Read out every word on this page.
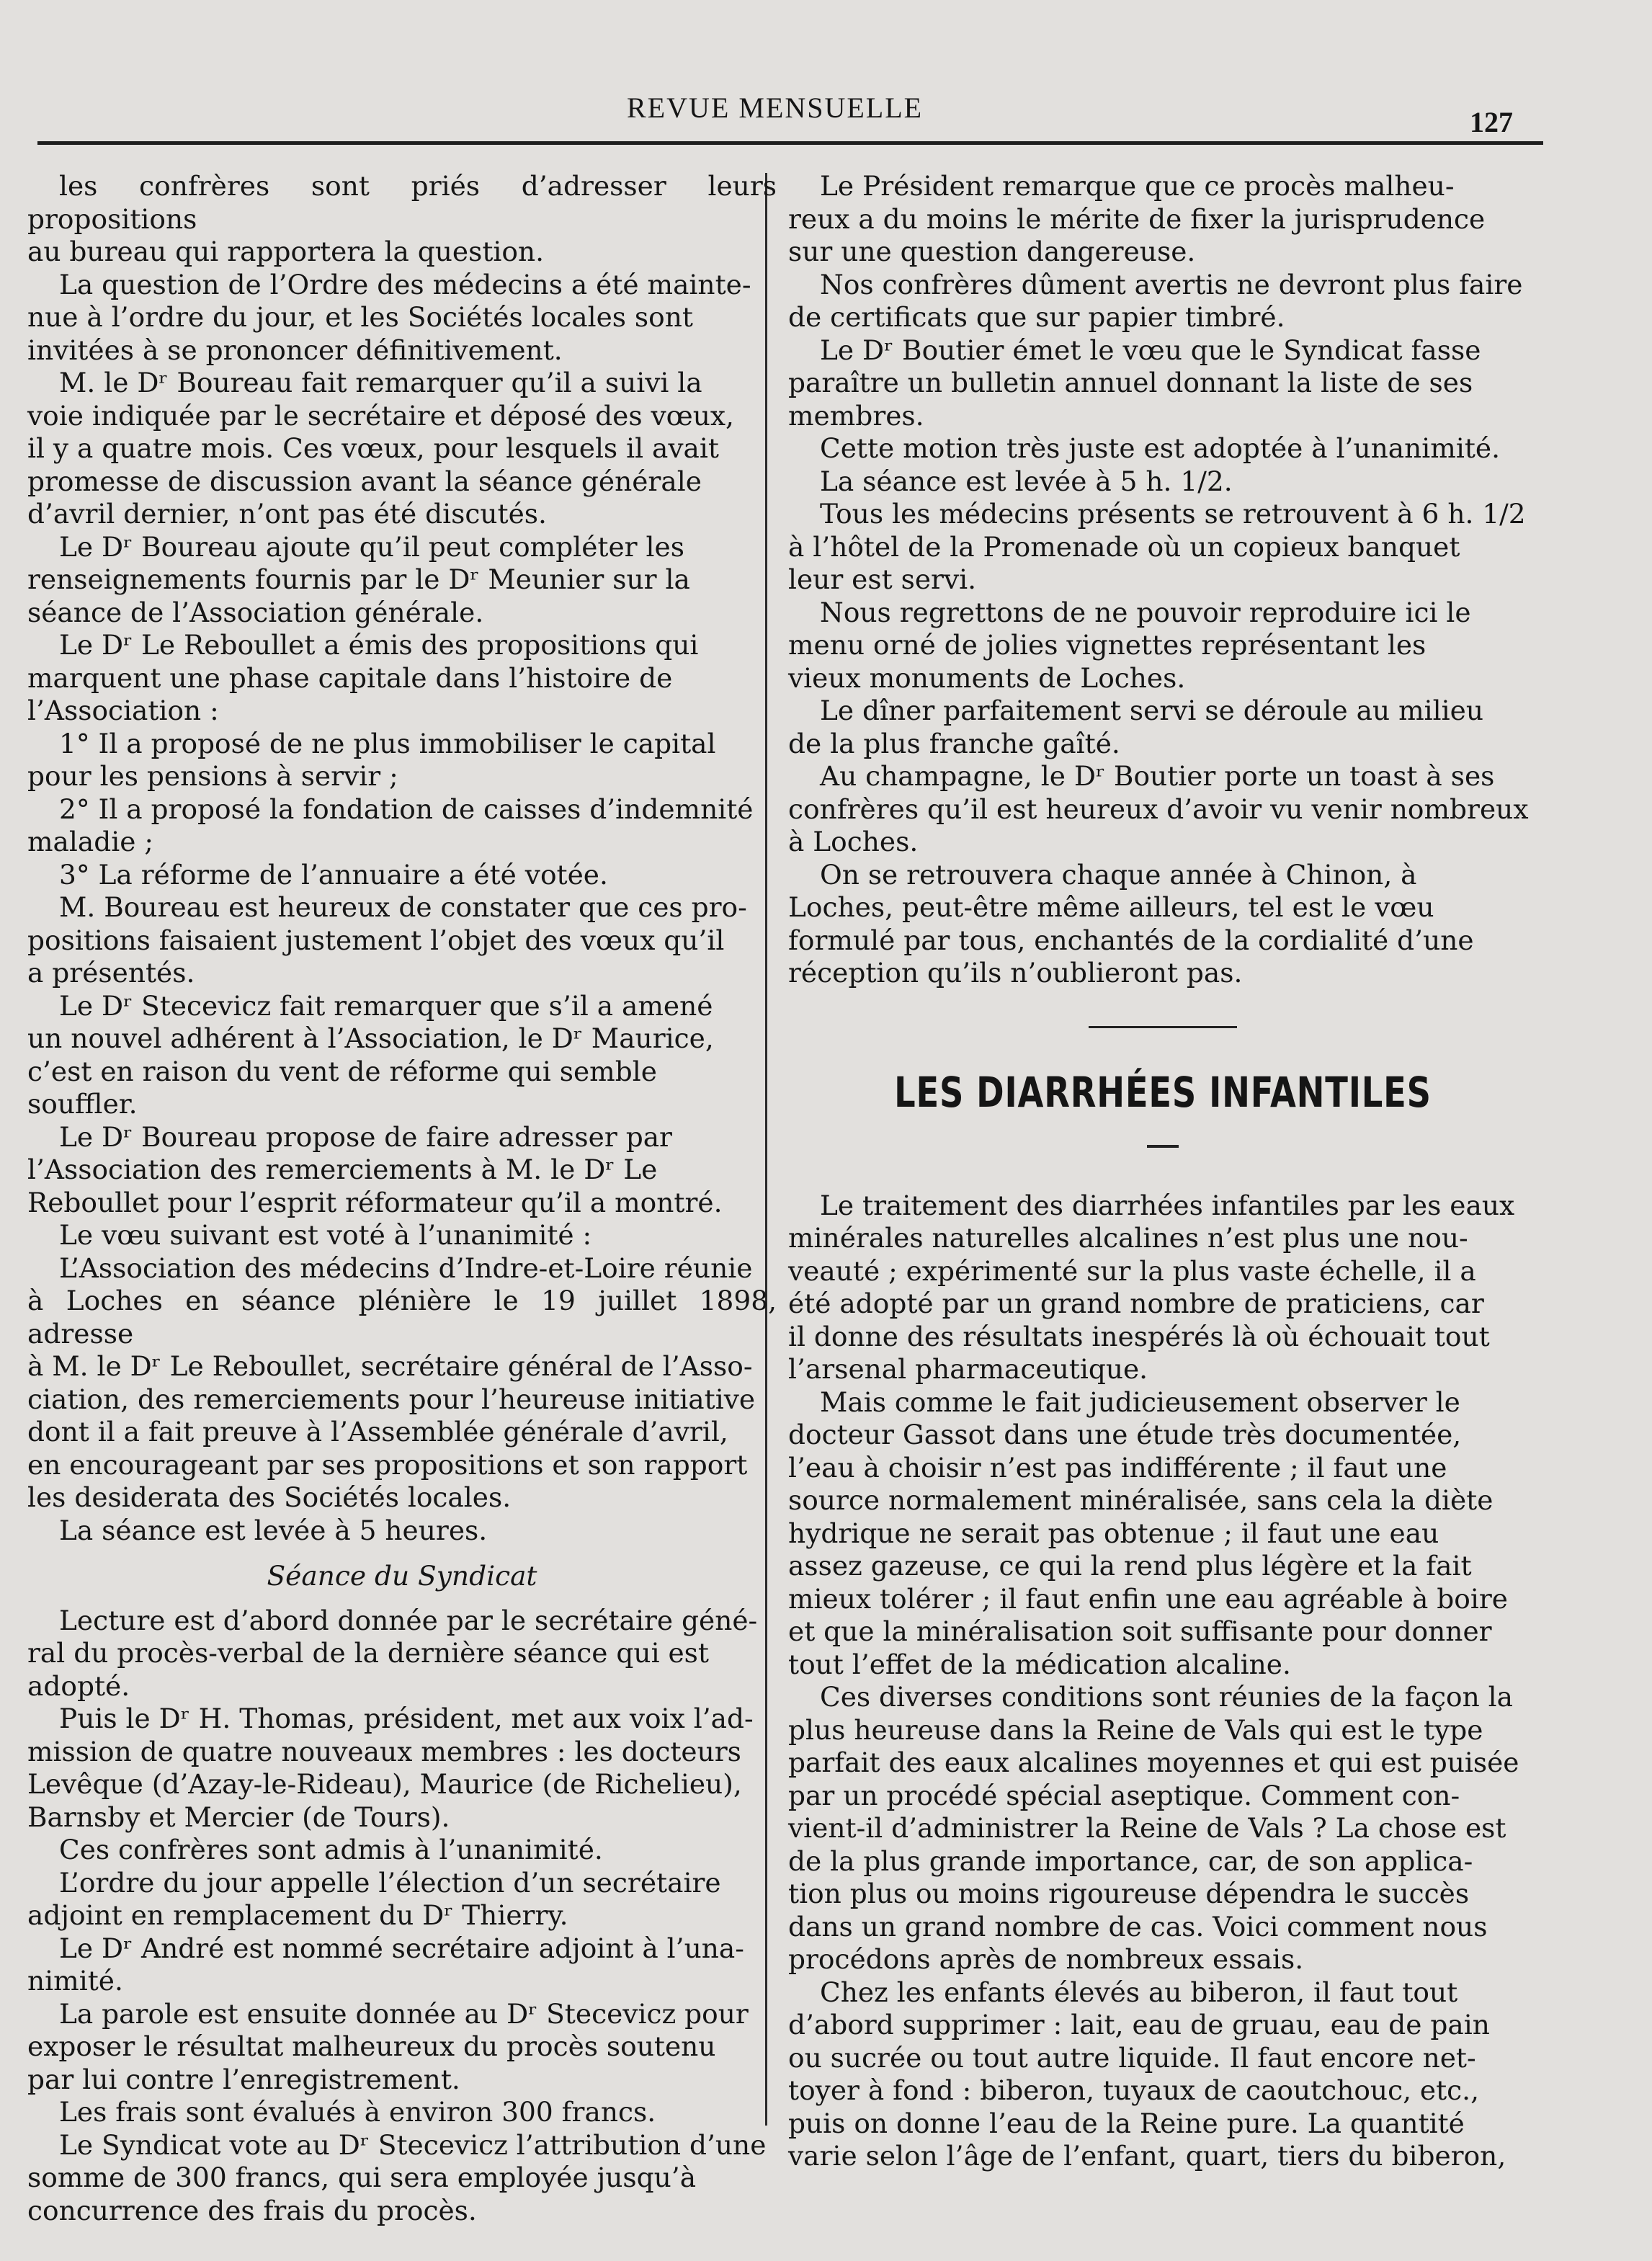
REVUE MENSUELLE	127

les confrères sont priés d’adresser leurs propositions
au bureau qui rapportera la question.

La question de l’Ordre des médecins a été mainte-
nue à l’ordre du jour, et les Sociétés locales sont
invitées à se prononcer définitivement.

M. le Dʳ Boureau fait remarquer qu’il a suivi la
voie indiquée par le secrétaire et déposé des vœux,
il y a quatre mois. Ces vœux, pour lesquels il avait
promesse de discussion avant la séance générale
d’avril dernier, n’ont pas été discutés.

Le Dʳ Boureau ajoute qu’il peut compléter les
renseignements fournis par le Dʳ Meunier sur la
séance de l’Association générale.

Le Dʳ Le Reboullet a émis des propositions qui
marquent une phase capitale dans l’histoire de
l’Association :

1° Il a proposé de ne plus immobiliser le capital
pour les pensions à servir ;

2° Il a proposé la fondation de caisses d’indemnité
maladie ;

3° La réforme de l’annuaire a été votée.

M. Boureau est heureux de constater que ces pro-
positions faisaient justement l’objet des vœux qu’il
a présentés.

Le Dʳ Stecevicz fait remarquer que s’il a amené
un nouvel adhérent à l’Association, le Dʳ Maurice,
c’est en raison du vent de réforme qui semble
souffler.

Le Dʳ Boureau propose de faire adresser par
l’Association des remerciements à M. le Dʳ Le
Reboullet pour l’esprit réformateur qu’il a montré.

Le vœu suivant est voté à l’unanimité :

L’Association des médecins d’Indre-et-Loire réunie
à Loches en séance plénière le 19 juillet 1898, adresse
à M. le Dʳ Le Reboullet, secrétaire général de l’Asso-
ciation, des remerciements pour l’heureuse initiative
dont il a fait preuve à l’Assemblée générale d’avril,
en encourageant par ses propositions et son rapport
les desiderata des Sociétés locales.

La séance est levée à 5 heures.

Séance du Syndicat

Lecture est d’abord donnée par le secrétaire géné-
ral du procès-verbal de la dernière séance qui est
adopté.

Puis le Dʳ H. Thomas, président, met aux voix l’ad-
mission de quatre nouveaux membres : les docteurs
Levêque (d’Azay-le-Rideau), Maurice (de Richelieu),
Barnsby et Mercier (de Tours).

Ces confrères sont admis à l’unanimité.

L’ordre du jour appelle l’élection d’un secrétaire
adjoint en remplacement du Dʳ Thierry.

Le Dʳ André est nommé secrétaire adjoint à l’una-
nimité.

La parole est ensuite donnée au Dʳ Stecevicz pour
exposer le résultat malheureux du procès soutenu
par lui contre l’enregistrement.

Les frais sont évalués à environ 300 francs.

Le Syndicat vote au Dʳ Stecevicz l’attribution d’une
somme de 300 francs, qui sera employée jusqu’à
concurrence des frais du procès.

Le Président remarque que ce procès malheu-
reux a du moins le mérite de fixer la jurisprudence
sur une question dangereuse.

Nos confrères dûment avertis ne devront plus faire
de certificats que sur papier timbré.

Le Dʳ Boutier émet le vœu que le Syndicat fasse
paraître un bulletin annuel donnant la liste de ses
membres.

Cette motion très juste est adoptée à l’unanimité.

La séance est levée à 5 h. 1/2.

Tous les médecins présents se retrouvent à 6 h. 1/2
à l’hôtel de la Promenade où un copieux banquet
leur est servi.

Nous regrettons de ne pouvoir reproduire ici le
menu orné de jolies vignettes représentant les
vieux monuments de Loches.

Le dîner parfaitement servi se déroule au milieu
de la plus franche gaîté.

Au champagne, le Dʳ Boutier porte un toast à ses
confrères qu’il est heureux d’avoir vu venir nombreux
à Loches.

On se retrouvera chaque année à Chinon, à
Loches, peut-être même ailleurs, tel est le vœu
formulé par tous, enchantés de la cordialité d’une
réception qu’ils n’oublieront pas.

LES DIARRHÉES INFANTILES

Le traitement des diarrhées infantiles par les eaux
minérales naturelles alcalines n’est plus une nou-
veauté ; expérimenté sur la plus vaste échelle, il a
été adopté par un grand nombre de praticiens, car
il donne des résultats inespérés là où échouait tout
l’arsenal pharmaceutique.

Mais comme le fait judicieusement observer le
docteur Gassot dans une étude très documentée,
l’eau à choisir n’est pas indifférente ; il faut une
source normalement minéralisée, sans cela la diète
hydrique ne serait pas obtenue ; il faut une eau
assez gazeuse, ce qui la rend plus légère et la fait
mieux tolérer ; il faut enfin une eau agréable à boire
et que la minéralisation soit suffisante pour donner
tout l’effet de la médication alcaline.

Ces diverses conditions sont réunies de la façon la
plus heureuse dans la Reine de Vals qui est le type
parfait des eaux alcalines moyennes et qui est puisée
par un procédé spécial aseptique. Comment con-
vient-il d’administrer la Reine de Vals ? La chose est
de la plus grande importance, car, de son applica-
tion plus ou moins rigoureuse dépendra le succès
dans un grand nombre de cas. Voici comment nous
procédons après de nombreux essais.

Chez les enfants élevés au biberon, il faut tout
d’abord supprimer : lait, eau de gruau, eau de pain
ou sucrée ou tout autre liquide. Il faut encore net-
toyer à fond : biberon, tuyaux de caoutchouc, etc.,
puis on donne l’eau de la Reine pure. La quantité
varie selon l’âge de l’enfant, quart, tiers du biberon,
